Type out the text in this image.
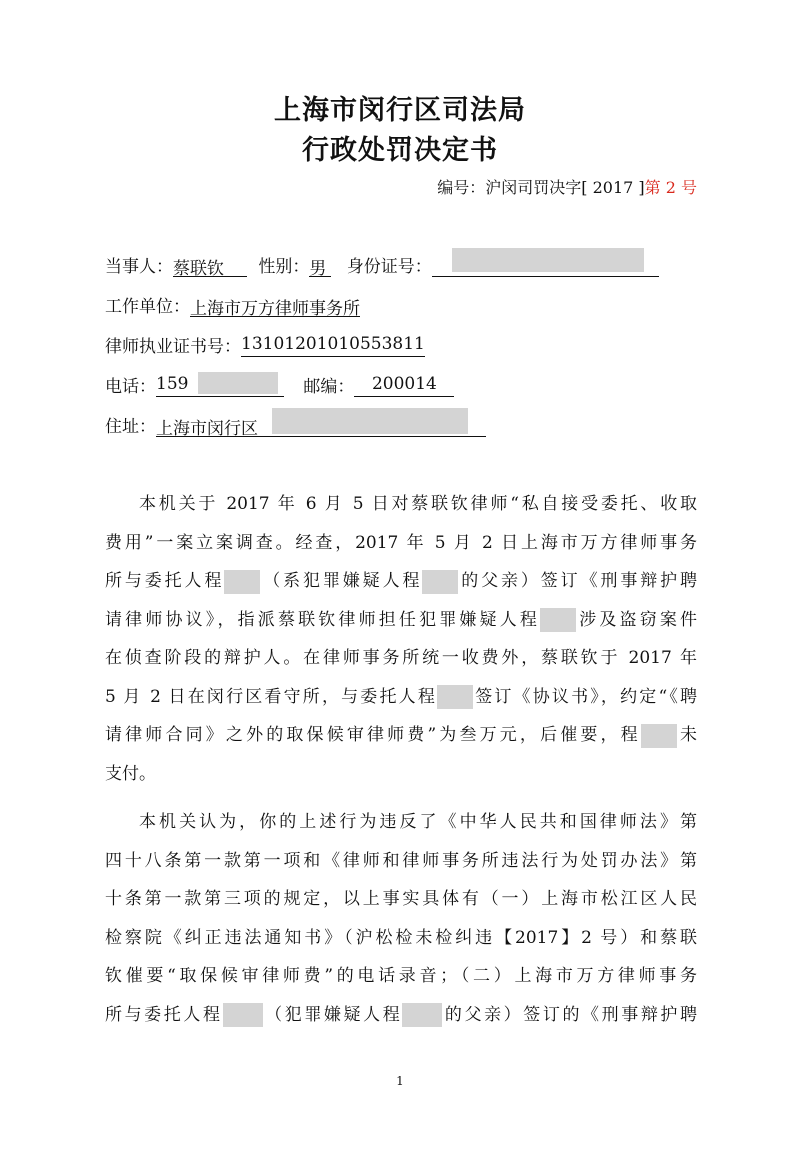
上海市闵行区司法局
行政处罚决定书
编号：沪闵司罚决字[ 2017 ]第 2 号
当事人：蔡联钦 性别：男 身份证号：
工作单位：上海市万方律师事务所
律师执业证书号：13101201010553811
电话：159	邮编： 200014
住址：上海市闵行区
本机关于 2017 年 6 月 5 日对蔡联钦律师“私自接受委托、收取
费用”一案立案调查。经查，2017 年 5 月 2 日上海市万方律师事务
所与委托人程 （系犯罪嫌疑人程 的父亲）签订《刑事辩护聘
请律师协议》，指派蔡联钦律师担任犯罪嫌疑人程 涉及盗窃案件
在侦查阶段的辩护人。在律师事务所统一收费外，蔡联钦于 2017 年
5 月 2 日在闵行区看守所，与委托人程 签订《协议书》，约定“《聘
请律师合同》之外的取保候审律师费”为叁万元，后催要，程 未
支付。
本机关认为，你的上述行为违反了《中华人民共和国律师法》第
四十八条第一款第一项和《律师和律师事务所违法行为处罚办法》第
十条第一款第三项的规定，以上事实具体有（一）上海市松江区人民
检察院《纠正违法通知书》（沪松检未检纠违【2017】2 号）和蔡联
钦催要“取保候审律师费”的电话录音；（二）上海市万方律师事务
所与委托人程 （犯罪嫌疑人程 的父亲）签订的《刑事辩护聘
1
